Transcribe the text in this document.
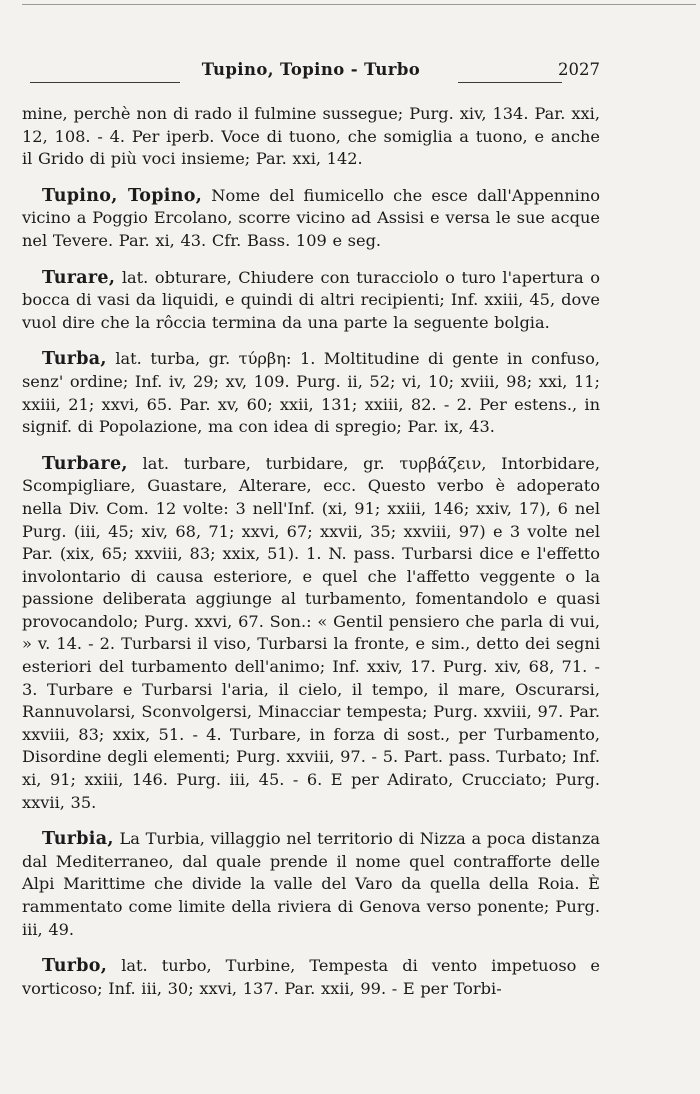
Tupino, Topino - Turbo	2027

mine, perchè non di rado il fulmine sussegue; Purg. xiv, 134. Par. xxi, 12, 108. - 4. Per iperb. Voce di tuono, che somiglia a tuono, e anche il Grido di più voci insieme; Par. xxi, 142.

Tupino, Topino, Nome del fiumicello che esce dall'Appennino vicino a Poggio Ercolano, scorre vicino ad Assisi e versa le sue acque nel Tevere. Par. xi, 43. Cfr. Bass. 109 e seg.

Turare, lat. obturare, Chiudere con turacciolo o turo l'apertura o bocca di vasi da liquidi, e quindi di altri recipienti; Inf. xxiii, 45, dove vuol dire che la rôccia termina da una parte la seguente bolgia.

Turba, lat. turba, gr. τύρβη: 1. Moltitudine di gente in confuso, senz' ordine; Inf. iv, 29; xv, 109. Purg. ii, 52; vi, 10; xviii, 98; xxi, 11; xxiii, 21; xxvi, 65. Par. xv, 60; xxii, 131; xxiii, 82. - 2. Per estens., in signif. di Popolazione, ma con idea di spregio; Par. ix, 43.

Turbare, lat. turbare, turbidare, gr. τυρβάζειν, Intorbidare, Scompigliare, Guastare, Alterare, ecc. Questo verbo è adoperato nella Div. Com. 12 volte: 3 nell'Inf. (xi, 91; xxiii, 146; xxiv, 17), 6 nel Purg. (iii, 45; xiv, 68, 71; xxvi, 67; xxvii, 35; xxviii, 97) e 3 volte nel Par. (xix, 65; xxviii, 83; xxix, 51). 1. N. pass. Turbarsi dice e l'effetto involontario di causa esteriore, e quel che l'affetto veggente o la passione deliberata aggiunge al turbamento, fomentandolo e quasi provocandolo; Purg. xxvi, 67. Son.: « Gentil pensiero che parla di vui, » v. 14. - 2. Turbarsi il viso, Turbarsi la fronte, e sim., detto dei segni esteriori del turbamento dell'animo; Inf. xxiv, 17. Purg. xiv, 68, 71. - 3. Turbare e Turbarsi l'aria, il cielo, il tempo, il mare, Oscurarsi, Rannuvolarsi, Sconvolgersi, Minacciar tempesta; Purg. xxviii, 97. Par. xxviii, 83; xxix, 51. - 4. Turbare, in forza di sost., per Turbamento, Disordine degli elementi; Purg. xxviii, 97. - 5. Part. pass. Turbato; Inf. xi, 91; xxiii, 146. Purg. iii, 45. - 6. E per Adirato, Crucciato; Purg. xxvii, 35.

Turbia, La Turbia, villaggio nel territorio di Nizza a poca distanza dal Mediterraneo, dal quale prende il nome quel contrafforte delle Alpi Marittime che divide la valle del Varo da quella della Roia. È rammentato come limite della riviera di Genova verso ponente; Purg. iii, 49.

Turbo, lat. turbo, Turbine, Tempesta di vento impetuoso e vorticoso; Inf. iii, 30; xxvi, 137. Par. xxii, 99. - E per Torbi-
